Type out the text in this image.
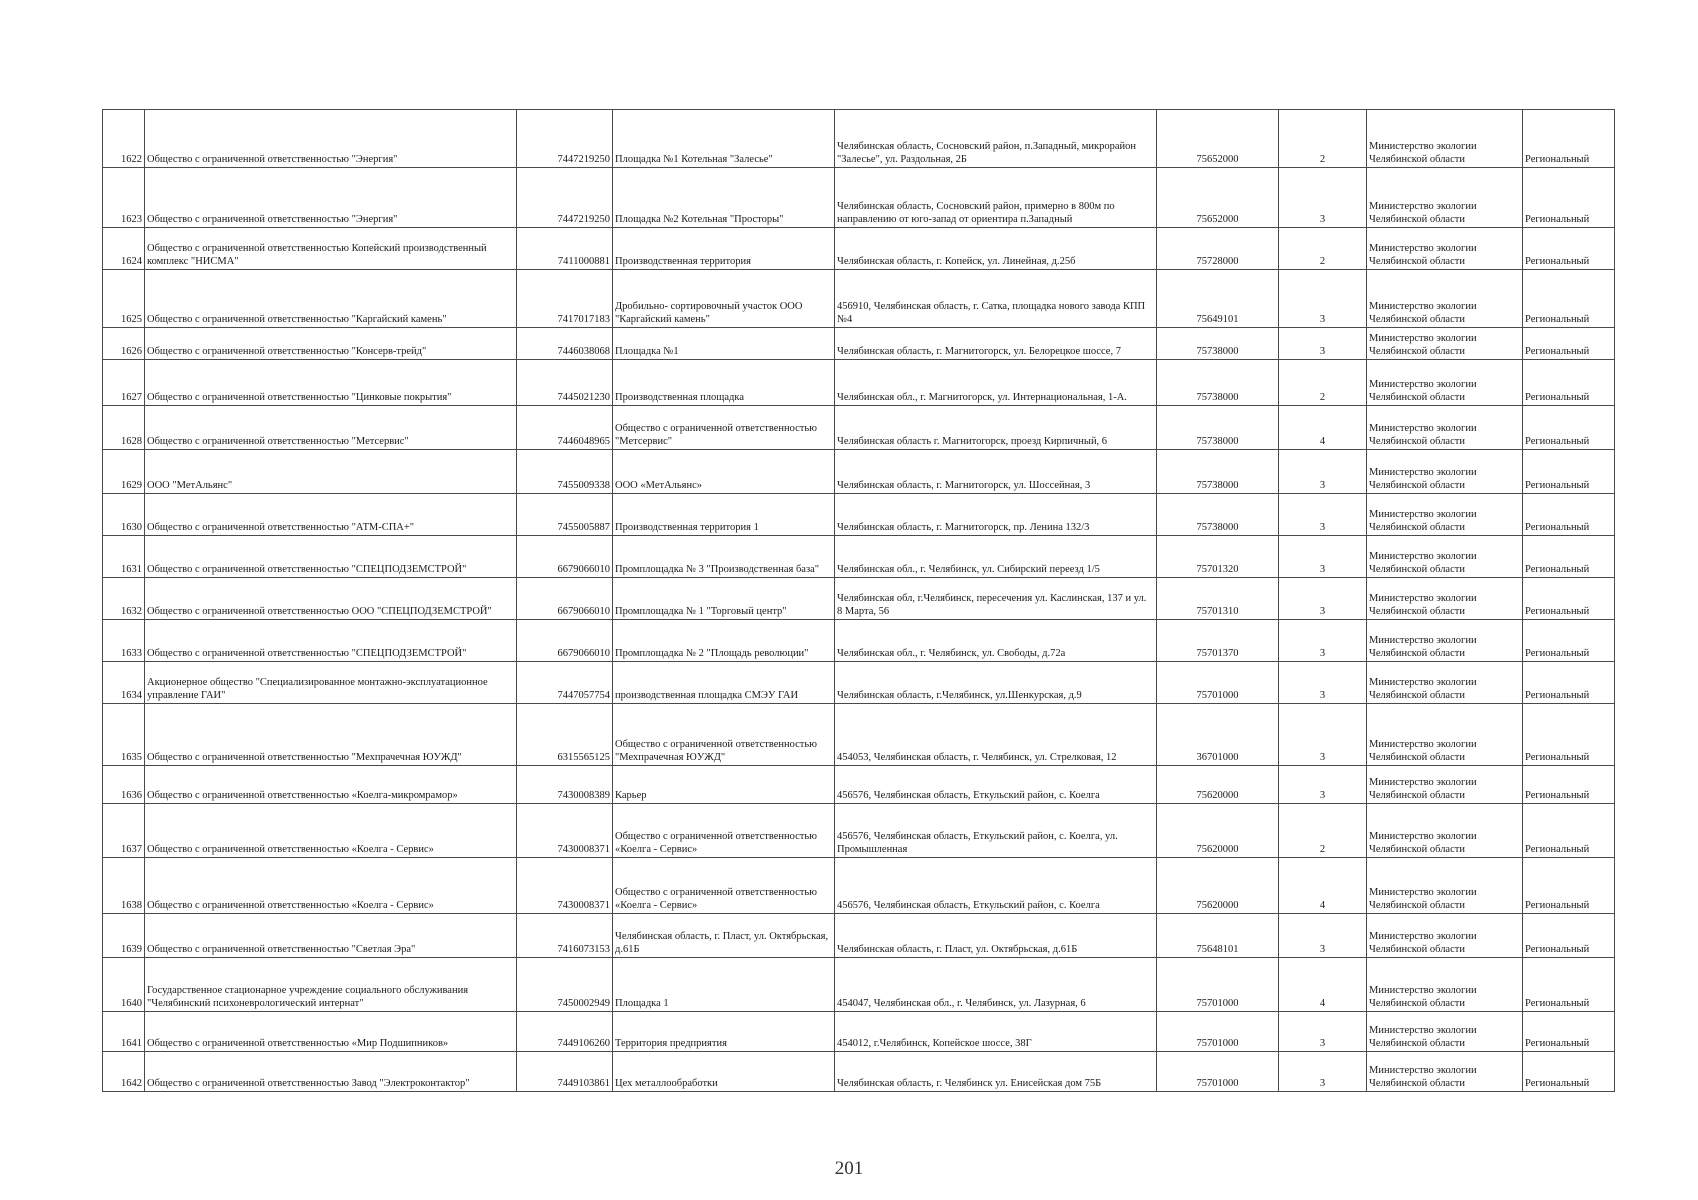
1622	Общество с ограниченной ответственностью "Энергия"	7447219250	Площадка №1 Котельная "Залесье"	Челябинская область, Сосновский район, п.Западный, микрорайон "Залесье", ул. Раздольная, 2Б	75652000	2	Министерство экологии Челябинской области	Региональный
1623	Общество с ограниченной ответственностью "Энергия"	7447219250	Площадка №2 Котельная "Просторы"	Челябинская область, Сосновский район, примерно в 800м по направлению от юго-запад от ориентира п.Западный	75652000	3	Министерство экологии Челябинской области	Региональный
1624	Общество с ограниченной ответственностью Копейский производственный комплекс "НИСМА"	7411000881	Производственная территория	Челябинская область, г. Копейск, ул. Линейная, д.25б	75728000	2	Министерство экологии Челябинской области	Региональный
1625	Общество с ограниченной ответственностью "Каргайский камень"	7417017183	Дробильно- сортировочный участок ООО "Каргайский камень"	456910, Челябинская область, г. Сатка, площадка нового завода КПП №4	75649101	3	Министерство экологии Челябинской области	Региональный
1626	Общество с ограниченной ответственностью "Консерв-трейд"	7446038068	Площадка №1	Челябинская область, г. Магнитогорск, ул. Белорецкое шоссе, 7	75738000	3	Министерство экологии Челябинской области	Региональный
1627	Общество с ограниченной ответственностью "Цинковые покрытия"	7445021230	Производственная площадка	Челябинская обл., г. Магнитогорск, ул. Интернациональная, 1-А.	75738000	2	Министерство экологии Челябинской области	Региональный
1628	Общество с ограниченной ответственностью "Метсервис"	7446048965	Общество с ограниченной ответственностью "Метсервис"	Челябинская область г. Магнитогорск, проезд Кирпичный, 6	75738000	4	Министерство экологии Челябинской области	Региональный
1629	ООО "МетАльянс"	7455009338	ООО «МетАльянс»	Челябинская область, г. Магнитогорск, ул. Шоссейная, 3	75738000	3	Министерство экологии Челябинской области	Региональный
1630	Общество с ограниченной ответственностью "АТМ-СПА+"	7455005887	Производственная территория 1	Челябинская область, г. Магнитогорск, пр. Ленина 132/3	75738000	3	Министерство экологии Челябинской области	Региональный
1631	Общество с ограниченной ответственностью "СПЕЦПОДЗЕМСТРОЙ"	6679066010	Промплощадка № 3 "Производственная база"	Челябинская обл., г. Челябинск, ул. Сибирский переезд 1/5	75701320	3	Министерство экологии Челябинской области	Региональный
1632	Общество с ограниченной ответственностью ООО "СПЕЦПОДЗЕМСТРОЙ"	6679066010	Промплощадка № 1 "Торговый центр"	Челябинская обл, г.Челябинск, пересечения ул. Каслинская, 137 и ул. 8 Марта, 56	75701310	3	Министерство экологии Челябинской области	Региональный
1633	Общество с ограниченной ответственностью "СПЕЦПОДЗЕМСТРОЙ"	6679066010	Промплощадка № 2 "Площадь революции"	Челябинская обл., г. Челябинск, ул. Свободы, д.72а	75701370	3	Министерство экологии Челябинской области	Региональный
1634	Акционерное общество "Специализированное монтажно-эксплуатационное управление ГАИ"	7447057754	производственная площадка СМЭУ ГАИ	Челябинская область, г.Челябинск, ул.Шенкурская, д.9	75701000	3	Министерство экологии Челябинской области	Региональный
1635	Общество с ограниченной ответственностью "Мехпрачечная ЮУЖД"	6315565125	Общество с ограниченной ответственностью "Мехпрачечная ЮУЖД"	454053, Челябинская область, г. Челябинск, ул. Стрелковая, 12	36701000	3	Министерство экологии Челябинской области	Региональный
1636	Общество с ограниченной ответственностью «Коелга-микромрамор»	7430008389	Карьер	456576, Челябинская область, Еткульский район, с. Коелга	75620000	3	Министерство экологии Челябинской области	Региональный
1637	Общество с ограниченной ответственностью «Коелга - Сервис»	7430008371	Общество с ограниченной ответственностью «Коелга - Сервис»	456576, Челябинская область, Еткульский район, с. Коелга, ул. Промышленная	75620000	2	Министерство экологии Челябинской области	Региональный
1638	Общество с ограниченной ответственностью «Коелга - Сервис»	7430008371	Общество с ограниченной ответственностью «Коелга - Сервис»	456576, Челябинская область, Еткульский район, с. Коелга	75620000	4	Министерство экологии Челябинской области	Региональный
1639	Общество с ограниченной ответственностью "Светлая Эра"	7416073153	Челябинская область, г. Пласт, ул. Октябрьская, д.61Б	Челябинская область, г. Пласт, ул. Октябрьская, д.61Б	75648101	3	Министерство экологии Челябинской области	Региональный
1640	Государственное стационарное учреждение социального обслуживания "Челябинский психоневрологический интернат"	7450002949	Площадка 1	454047, Челябинская обл., г. Челябинск, ул. Лазурная, 6	75701000	4	Министерство экологии Челябинской области	Региональный
1641	Общество с ограниченной ответственностью «Мир Подшипников»	7449106260	Территория предприятия	454012, г.Челябинск, Копейское шоссе, 38Г	75701000	3	Министерство экологии Челябинской области	Региональный
1642	Общество с ограниченной ответственностью Завод "Электроконтактор"	7449103861	Цех металлообработки	Челябинская область, г. Челябинск ул. Енисейская дом 75Б	75701000	3	Министерство экологии Челябинской области	Региональный
201
